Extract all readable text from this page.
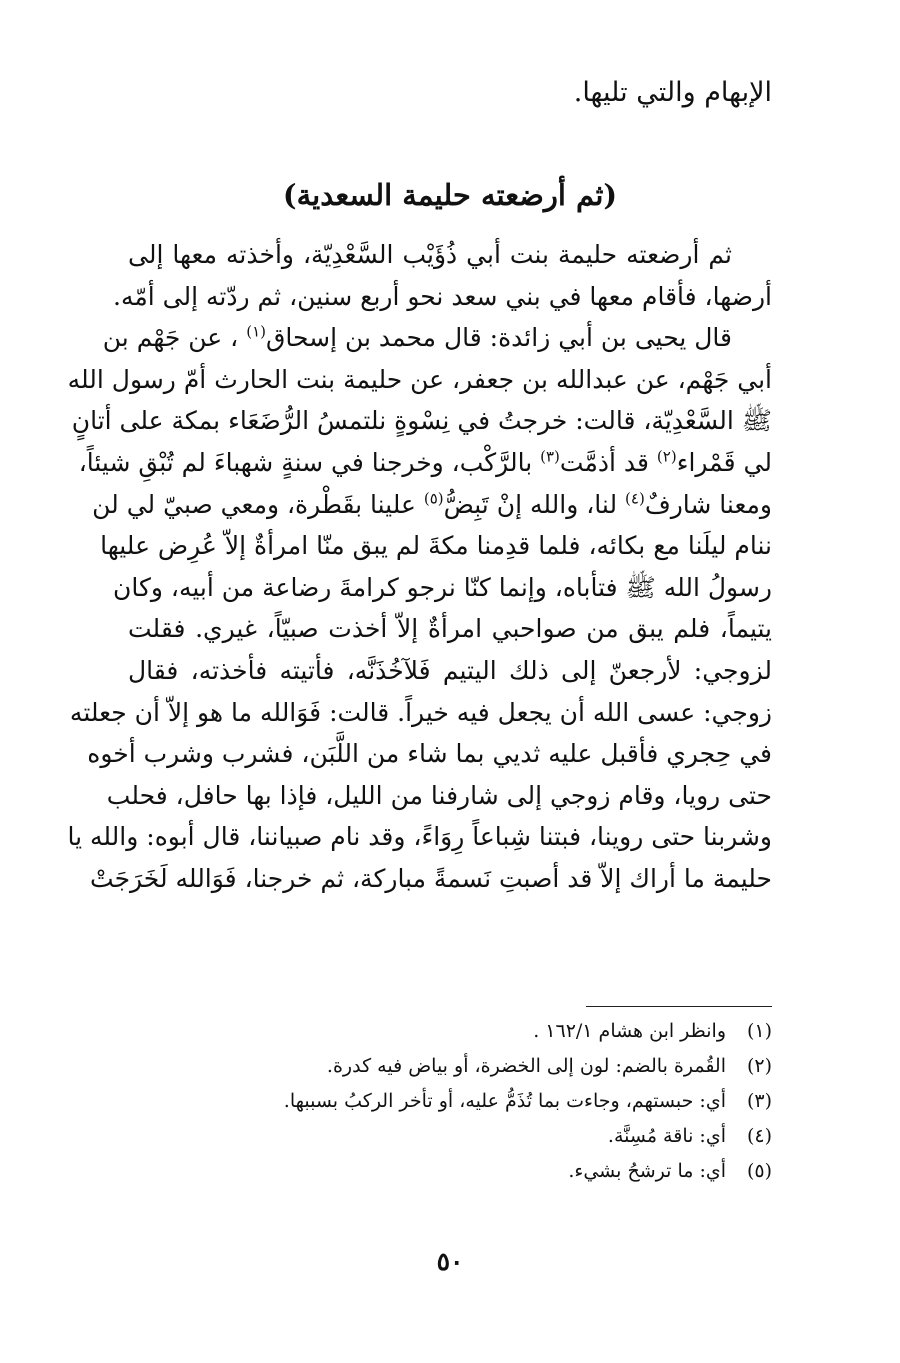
الإبهام والتي تليها.
(ثم أرضعته حليمة السعدية)
ثم أرضعته حليمة بنت أبي ذُؤَيْب السَّعْدِيّة، وأخذته معها إلى
أرضها، فأقام معها في بني سعد نحو أربع سنين، ثم ردّته إلى أمّه.
قال يحيى بن أبي زائدة: قال محمد بن إسحاق$^{(١)}$ ، عن جَهْم بن
أبي جَهْم، عن عبدالله بن جعفر، عن حليمة بنت الحارث أمّ رسول الله
ﷺ السَّعْدِيّة، قالت: خرجتُ في نِسْوةٍ نلتمسُ الرُّضَعَاء بمكة على أتانٍ
لي قَمْراء$^{(٢)}$ قد أذمَّت$^{(٣)}$ بالرَّكْب، وخرجنا في سنةٍ شهباءَ لم تُبْقِ شيئاً،
ومعنا شارفٌ$^{(٤)}$ لنا، والله إنْ تَبِضُّ$^{(٥)}$ علينا بقَطْرة، ومعي صبيّ لي لن
ننام ليلَنا مع بكائه، فلما قدِمنا مكةَ لم يبق منّا امرأةٌ إلاّ عُرِض عليها
رسولُ الله ﷺ فتأباه، وإنما كنّا نرجو كرامةَ رضاعة من أبيه، وكان
يتيماً، فلم يبق من صواحبي امرأةٌ إلاّ أخذت صبيّاً، غيري. فقلت
لزوجي: لأرجعنّ إلى ذلك اليتيم فَلآخُذَنَّه، فأتيته فأخذته، فقال
زوجي: عسى الله أن يجعل فيه خيراً. قالت: فَوَالله ما هو إلاّ أن جعلته
في حِجري فأقبل عليه ثديي بما شاء من اللَّبَن، فشرب وشرب أخوه
حتى رويا، وقام زوجي إلى شارفنا من الليل، فإذا بها حافل، فحلب
وشربنا حتى روينا، فبتنا شِباعاً رِوَاءً، وقد نام صبياننا، قال أبوه: والله يا
حليمة ما أراك إلاّ قد أصبتِ نَسمةً مباركة، ثم خرجنا، فَوَالله لَخَرَجَتْ
(١)وانظر ابن هشام ١٦٢/١ .
(٢)القُمرة بالضم: لون إلى الخضرة، أو بياض فيه كدرة.
(٣)أي: حبستهم، وجاءت بما تُذَمُّ عليه، أو تأخر الركبُ بسببها.
(٤)أي: ناقة مُسِنَّة.
(٥)أي: ما ترشحُ بشيء.
٥٠
